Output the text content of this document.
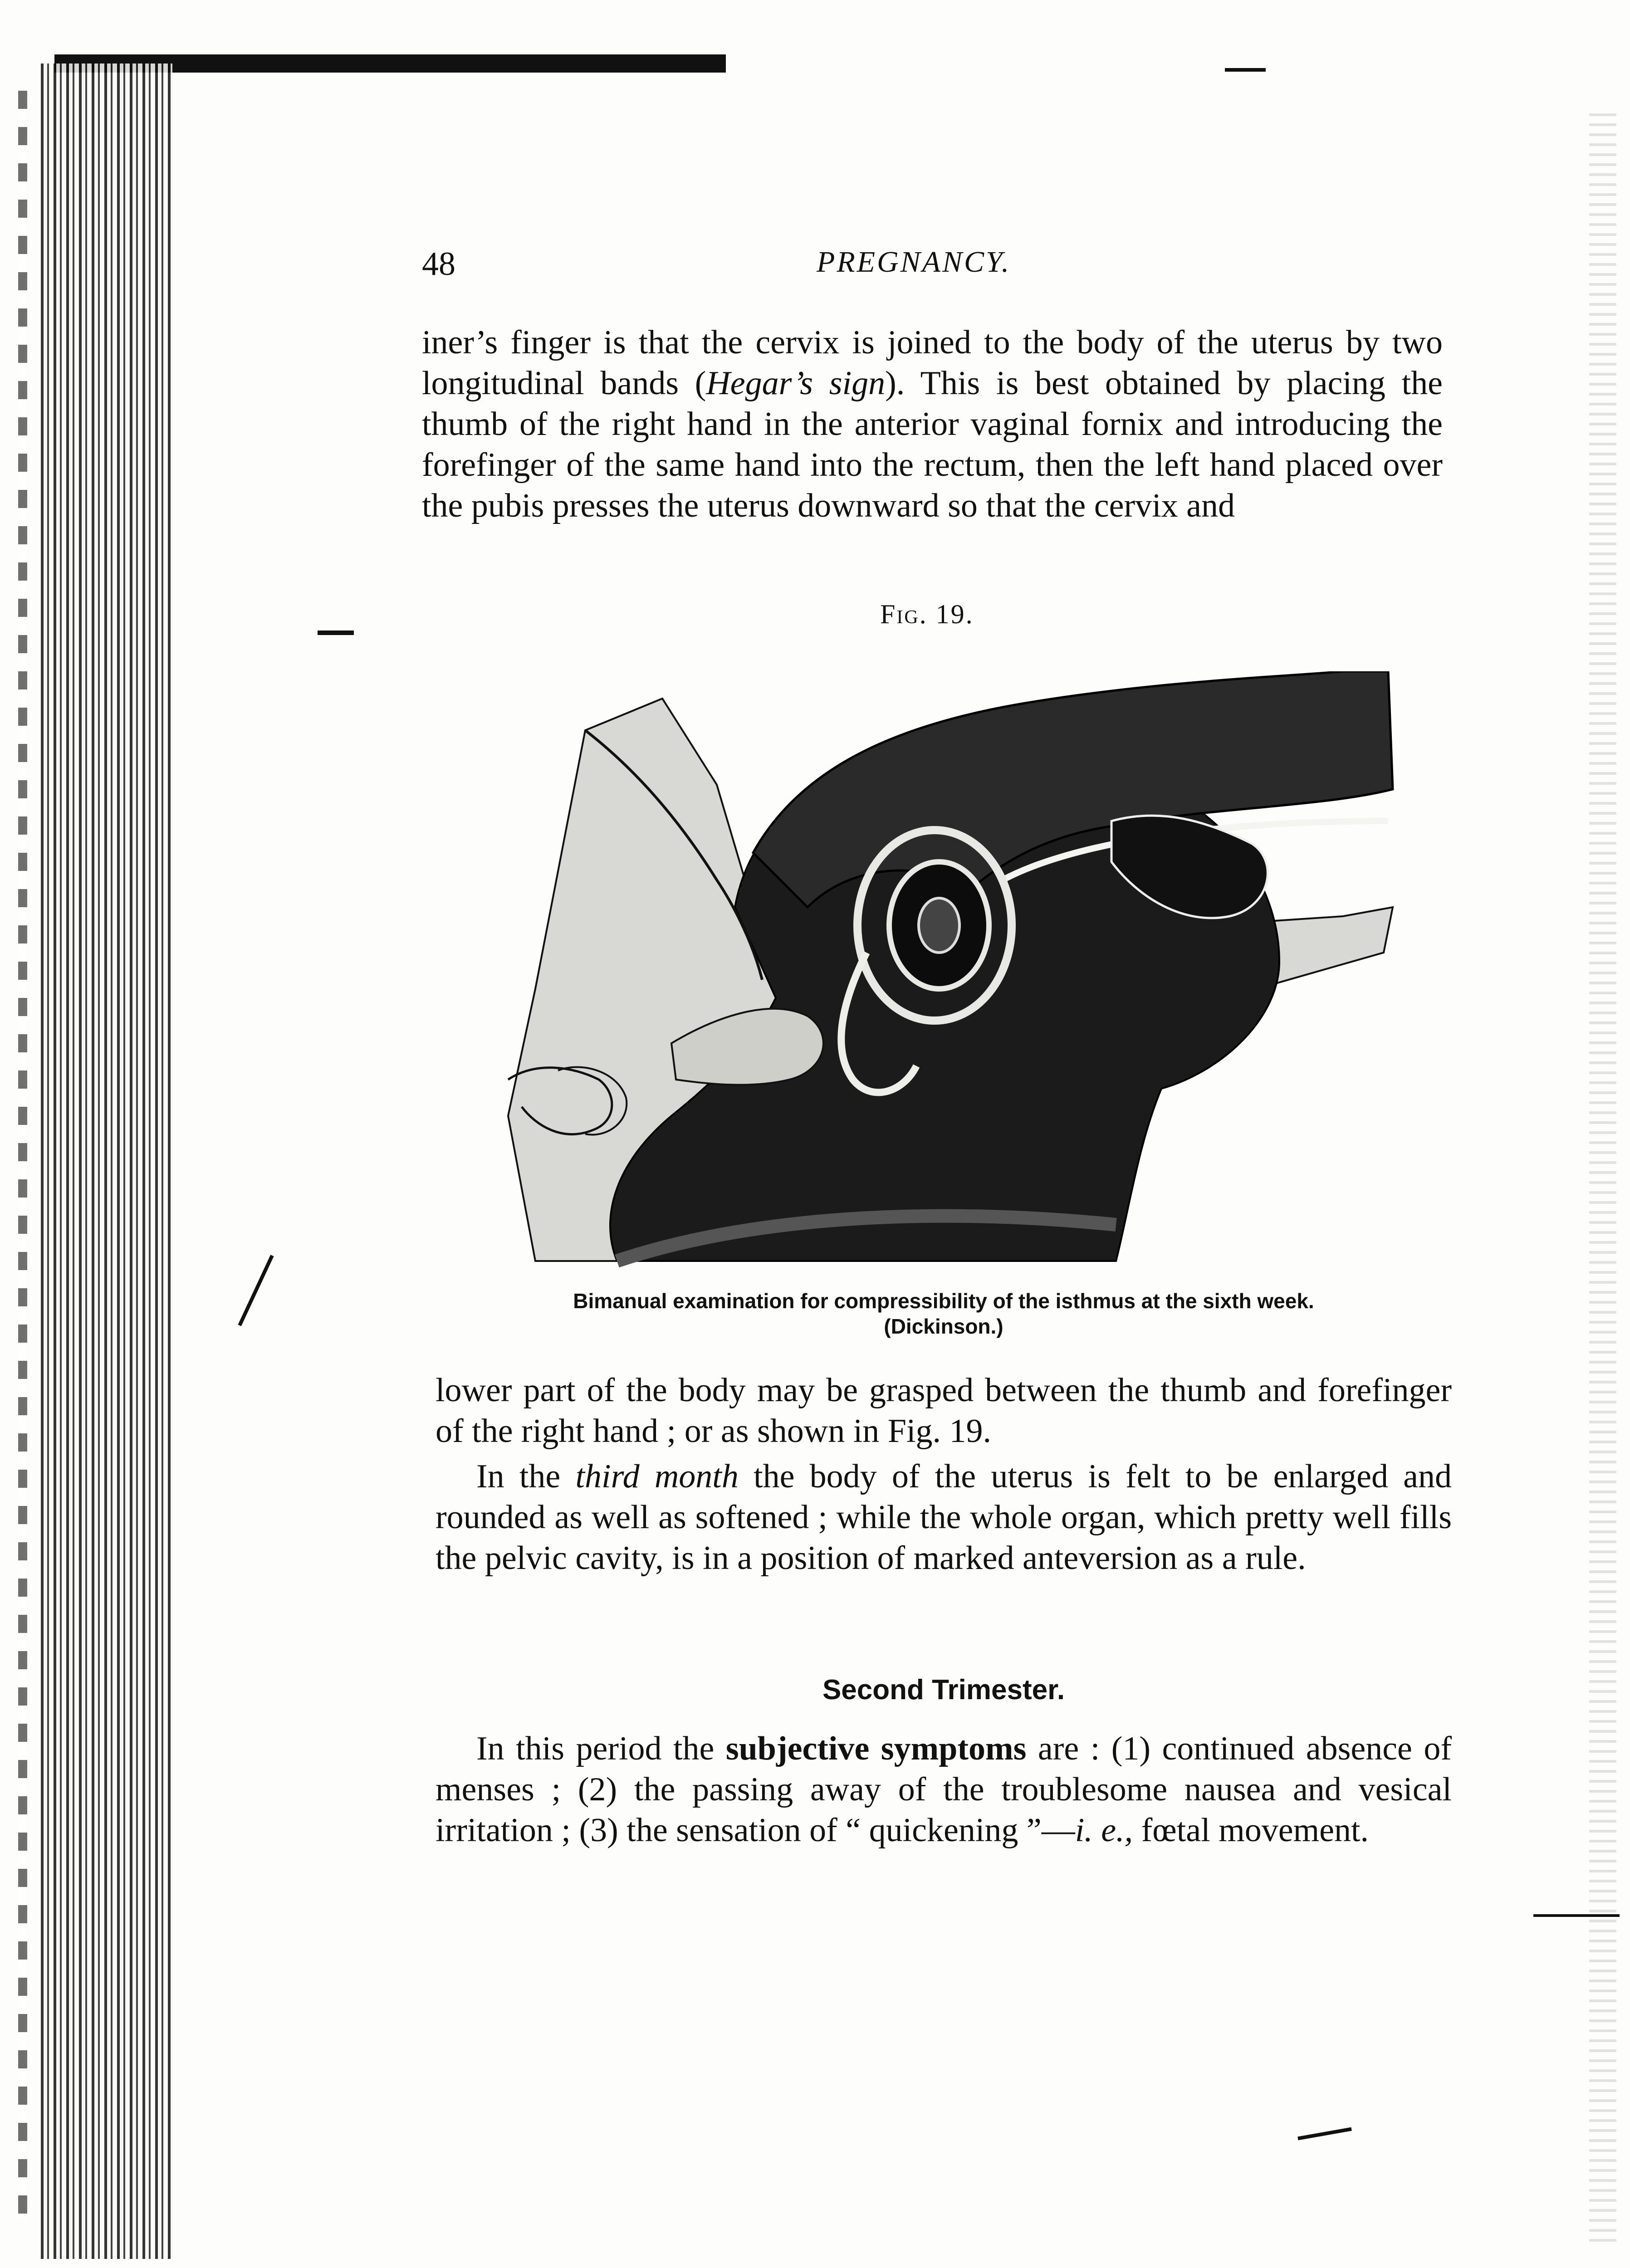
48	PREGNANCY.

iner’s finger is that the cervix is joined to the body of the uterus by two longitudinal bands (Hegar’s sign). This is best obtained by placing the thumb of the right hand in the anterior vaginal fornix and introducing the forefinger of the same hand into the rectum, then the left hand placed over the pubis presses the uterus downward so that the cervix and

Fig. 19.
Bimanual examination for compressibility of the isthmus at the sixth week.
(Dickinson.)

lower part of the body may be grasped between the thumb and forefinger of the right hand ; or as shown in Fig. 19.

In the third month the body of the uterus is felt to be enlarged and rounded as well as softened ; while the whole organ, which pretty well fills the pelvic cavity, is in a position of marked anteversion as a rule.

Second Trimester.

In this period the subjective symptoms are : (1) continued absence of menses ; (2) the passing away of the troublesome nausea and vesical irritation ; (3) the sensation of “ quickening ”—i. e., fœtal movement.
